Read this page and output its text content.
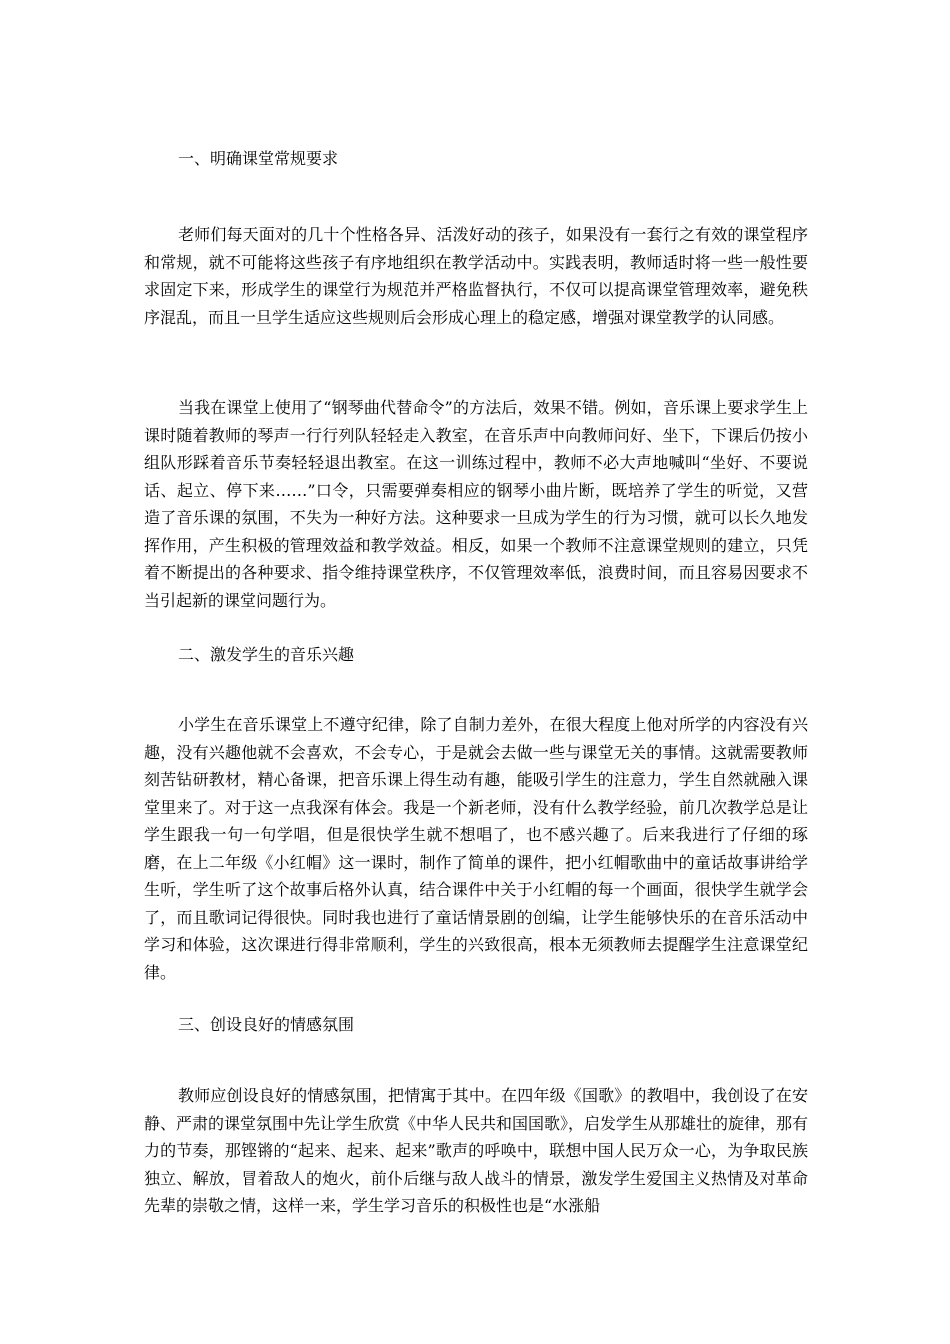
一、明确课堂常规要求

老师们每天面对的几十个性格各异、活泼好动的孩子，如果没有一套行之有效的课堂程序和常规，就不可能将这些孩子有序地组织在教学活动中。实践表明，教师适时将一些一般性要求固定下来，形成学生的课堂行为规范并严格监督执行，不仅可以提高课堂管理效率，避免秩序混乱，而且一旦学生适应这些规则后会形成心理上的稳定感，增强对课堂教学的认同感。

当我在课堂上使用了“钢琴曲代替命令”的方法后，效果不错。例如，音乐课上要求学生上课时随着教师的琴声一行行列队轻轻走入教室，在音乐声中向教师问好、坐下，下课后仍按小组队形踩着音乐节奏轻轻退出教室。在这一训练过程中，教师不必大声地喊叫“坐好、不要说话、起立、停下来……”口令，只需要弹奏相应的钢琴小曲片断，既培养了学生的听觉，又营造了音乐课的氛围，不失为一种好方法。这种要求一旦成为学生的行为习惯，就可以长久地发挥作用，产生积极的管理效益和教学效益。相反，如果一个教师不注意课堂规则的建立，只凭着不断提出的各种要求、指令维持课堂秩序，不仅管理效率低，浪费时间，而且容易因要求不当引起新的课堂问题行为。

二、激发学生的音乐兴趣

小学生在音乐课堂上不遵守纪律，除了自制力差外，在很大程度上他对所学的内容没有兴趣，没有兴趣他就不会喜欢，不会专心，于是就会去做一些与课堂无关的事情。这就需要教师刻苦钻研教材，精心备课，把音乐课上得生动有趣，能吸引学生的注意力，学生自然就融入课堂里来了。对于这一点我深有体会。我是一个新老师，没有什么教学经验，前几次教学总是让学生跟我一句一句学唱，但是很快学生就不想唱了，也不感兴趣了。后来我进行了仔细的琢磨，在上二年级《小红帽》这一课时，制作了简单的课件，把小红帽歌曲中的童话故事讲给学生听，学生听了这个故事后格外认真，结合课件中关于小红帽的每一个画面，很快学生就学会了，而且歌词记得很快。同时我也进行了童话情景剧的创编，让学生能够快乐的在音乐活动中学习和体验，这次课进行得非常顺利，学生的兴致很高，根本无须教师去提醒学生注意课堂纪律。

三、创设良好的情感氛围

教师应创设良好的情感氛围，把情寓于其中。在四年级《国歌》的教唱中，我创设了在安静、严肃的课堂氛围中先让学生欣赏《中华人民共和国国歌》，启发学生从那雄壮的旋律，那有力的节奏，那铿锵的“起来、起来、起来”歌声的呼唤中，联想中国人民万众一心，为争取民族独立、解放，冒着敌人的炮火，前仆后继与敌人战斗的情景，激发学生爱国主义热情及对革命先辈的崇敬之情，这样一来，学生学习音乐的积极性也是“水涨船
